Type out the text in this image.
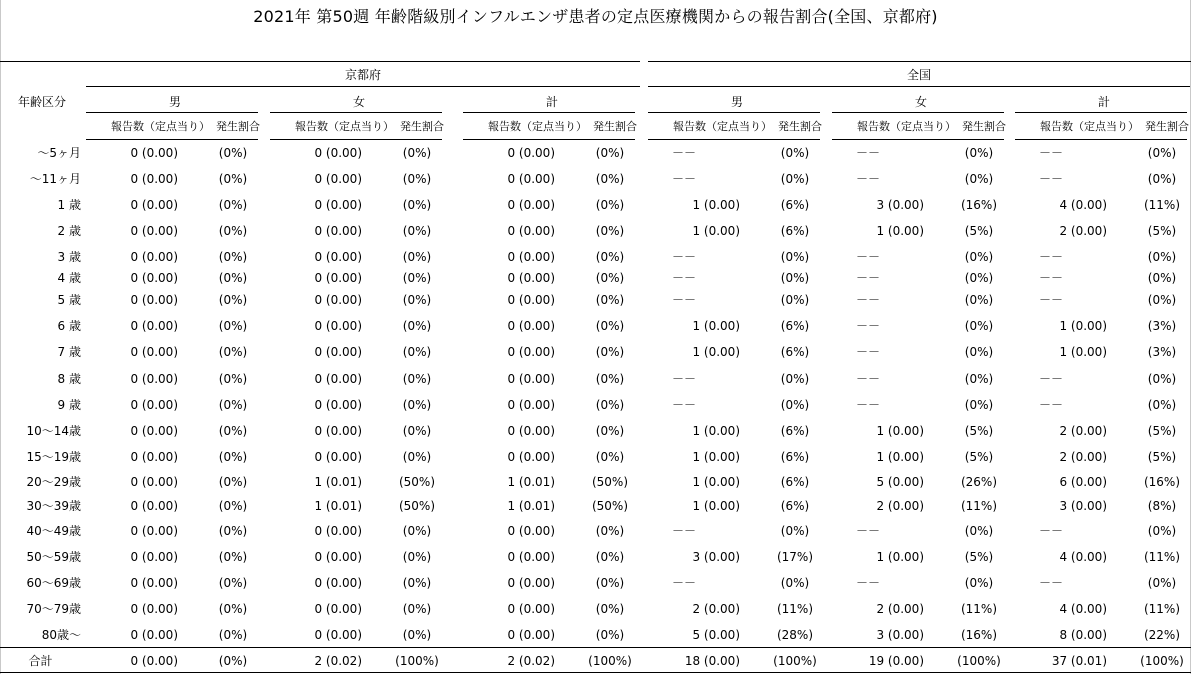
2021年 第50週 年齢階級別インフルエンザ患者の定点医療機関からの報告割合(全国、京都府)
京都府	全国
年齢区分	男
報告数（定点当り） 発生割合
女
報告数（定点当り） 発生割合
計
報告数（定点当り） 発生割合
男
報告数（定点当り） 発生割合
女
報告数（定点当り） 発生割合
計
報告数（定点当り） 発生割合
～5ヶ月	0 (0.00)	(0%)	0 (0.00)	(0%)	0 (0.00)	(0%)	－－	(0%)	－－	(0%)	－－	(0%)
～11ヶ月	0 (0.00)	(0%)	0 (0.00)	(0%)	0 (0.00)	(0%)	－－	(0%)	－－	(0%)	－－	(0%)
1 歳	0 (0.00)	(0%)	0 (0.00)	(0%)	0 (0.00)	(0%)	1 (0.00)	(6%)	3 (0.00)	(16%)	4 (0.00)	(11%)
2 歳	0 (0.00)	(0%)	0 (0.00)	(0%)	0 (0.00)	(0%)	1 (0.00)	(6%)	1 (0.00)	(5%)	2 (0.00)	(5%)
3 歳	0 (0.00)	(0%)	0 (0.00)	(0%)	0 (0.00)	(0%)	－－	(0%)	－－	(0%)	－－	(0%)
4 歳	0 (0.00)	(0%)	0 (0.00)	(0%)	0 (0.00)	(0%)	－－	(0%)	－－	(0%)	－－	(0%)
5 歳	0 (0.00)	(0%)	0 (0.00)	(0%)	0 (0.00)	(0%)	－－	(0%)	－－	(0%)	－－	(0%)
6 歳	0 (0.00)	(0%)	0 (0.00)	(0%)	0 (0.00)	(0%)	1 (0.00)	(6%)	－－	(0%)	1 (0.00)	(3%)
7 歳	0 (0.00)	(0%)	0 (0.00)	(0%)	0 (0.00)	(0%)	1 (0.00)	(6%)	－－	(0%)	1 (0.00)	(3%)
8 歳	0 (0.00)	(0%)	0 (0.00)	(0%)	0 (0.00)	(0%)	－－	(0%)	－－	(0%)	－－	(0%)
9 歳	0 (0.00)	(0%)	0 (0.00)	(0%)	0 (0.00)	(0%)	－－	(0%)	－－	(0%)	－－	(0%)
10～14歳	0 (0.00)	(0%)	0 (0.00)	(0%)	0 (0.00)	(0%)	1 (0.00)	(6%)	1 (0.00)	(5%)	2 (0.00)	(5%)
15～19歳	0 (0.00)	(0%)	0 (0.00)	(0%)	0 (0.00)	(0%)	1 (0.00)	(6%)	1 (0.00)	(5%)	2 (0.00)	(5%)
20～29歳	0 (0.00)	(0%)	1 (0.01)	(50%)	1 (0.01)	(50%)	1 (0.00)	(6%)	5 (0.00)	(26%)	6 (0.00)	(16%)
30～39歳	0 (0.00)	(0%)	1 (0.01)	(50%)	1 (0.01)	(50%)	1 (0.00)	(6%)	2 (0.00)	(11%)	3 (0.00)	(8%)
40～49歳	0 (0.00)	(0%)	0 (0.00)	(0%)	0 (0.00)	(0%)	－－	(0%)	－－	(0%)	－－	(0%)
50～59歳	0 (0.00)	(0%)	0 (0.00)	(0%)	0 (0.00)	(0%)	3 (0.00)	(17%)	1 (0.00)	(5%)	4 (0.00)	(11%)
60～69歳	0 (0.00)	(0%)	0 (0.00)	(0%)	0 (0.00)	(0%)	－－	(0%)	－－	(0%)	－－	(0%)
70～79歳	0 (0.00)	(0%)	0 (0.00)	(0%)	0 (0.00)	(0%)	2 (0.00)	(11%)	2 (0.00)	(11%)	4 (0.00)	(11%)
80歳～	0 (0.00)	(0%)	0 (0.00)	(0%)	0 (0.00)	(0%)	5 (0.00)	(28%)	3 (0.00)	(16%)	8 (0.00)	(22%)
合計	0 (0.00)	(0%)	2 (0.02)	(100%)	2 (0.02)	(100%)	18 (0.00)	(100%)	19 (0.00)	(100%)	37 (0.01)	(100%)
